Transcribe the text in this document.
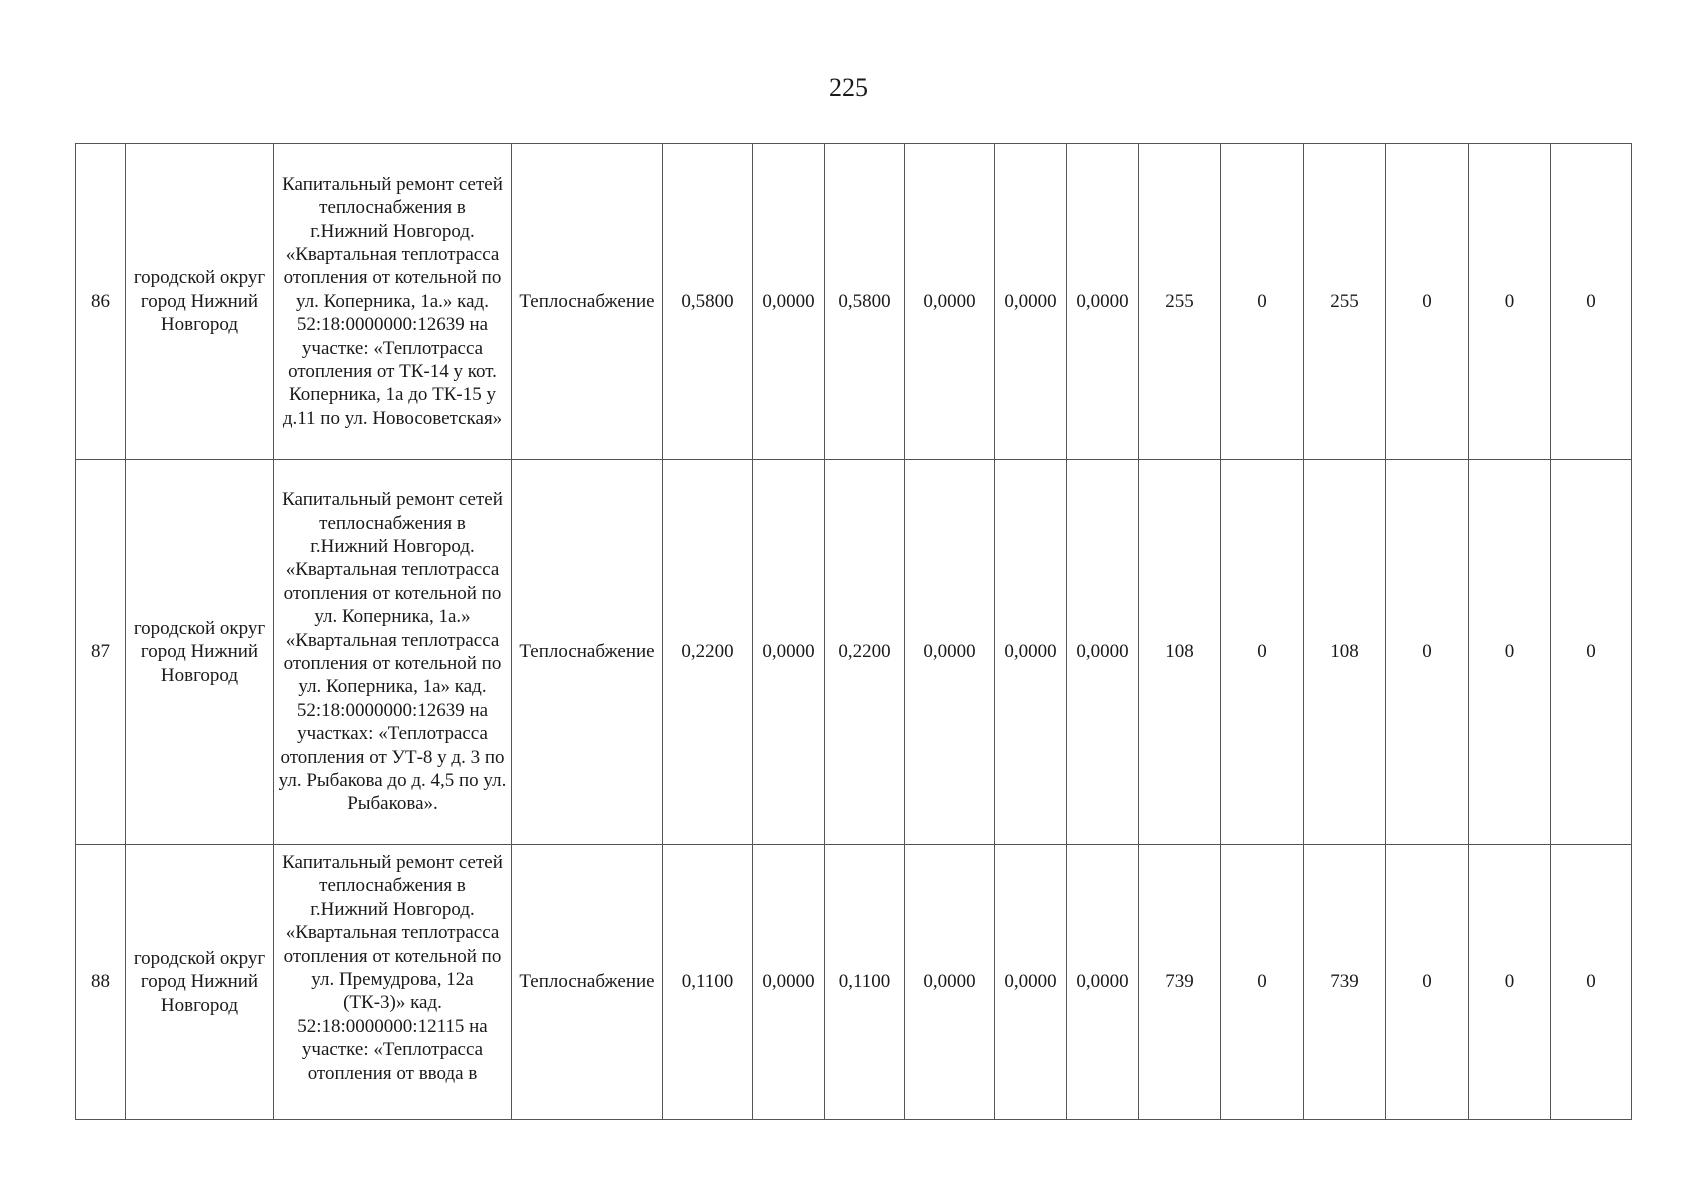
225
86	городской округ город Нижний Новгород	Капитальный ремонт сетей теплоснабжения в г.Нижний Новгород. «Квартальная теплотрасса отопления от котельной по ул. Коперника, 1а.» кад. 52:18:0000000:12639 на участке: «Теплотрасса отопления от ТК-14 у кот. Коперника, 1а до ТК-15 у д.11 по ул. Новосоветская»	Теплоснабжение	0,5800	0,0000	0,5800	0,0000	0,0000	0,0000	255	0	255	0	0	0
87	городской округ город Нижний Новгород	Капитальный ремонт сетей теплоснабжения в г.Нижний Новгород. «Квартальная теплотрасса отопления от котельной по ул. Коперника, 1а.» «Квартальная теплотрасса отопления от котельной по ул. Коперника, 1а» кад. 52:18:0000000:12639 на участках: «Теплотрасса отопления от УТ-8 у д. 3 по ул. Рыбакова до д. 4,5 по ул. Рыбакова».	Теплоснабжение	0,2200	0,0000	0,2200	0,0000	0,0000	0,0000	108	0	108	0	0	0
88	городской округ город Нижний Новгород	Капитальный ремонт сетей теплоснабжения в г.Нижний Новгород. «Квартальная теплотрасса отопления от котельной по ул. Премудрова, 12а (ТК-3)» кад. 52:18:0000000:12115 на участке: «Теплотрасса отопления от ввода в	Теплоснабжение	0,1100	0,0000	0,1100	0,0000	0,0000	0,0000	739	0	739	0	0	0
